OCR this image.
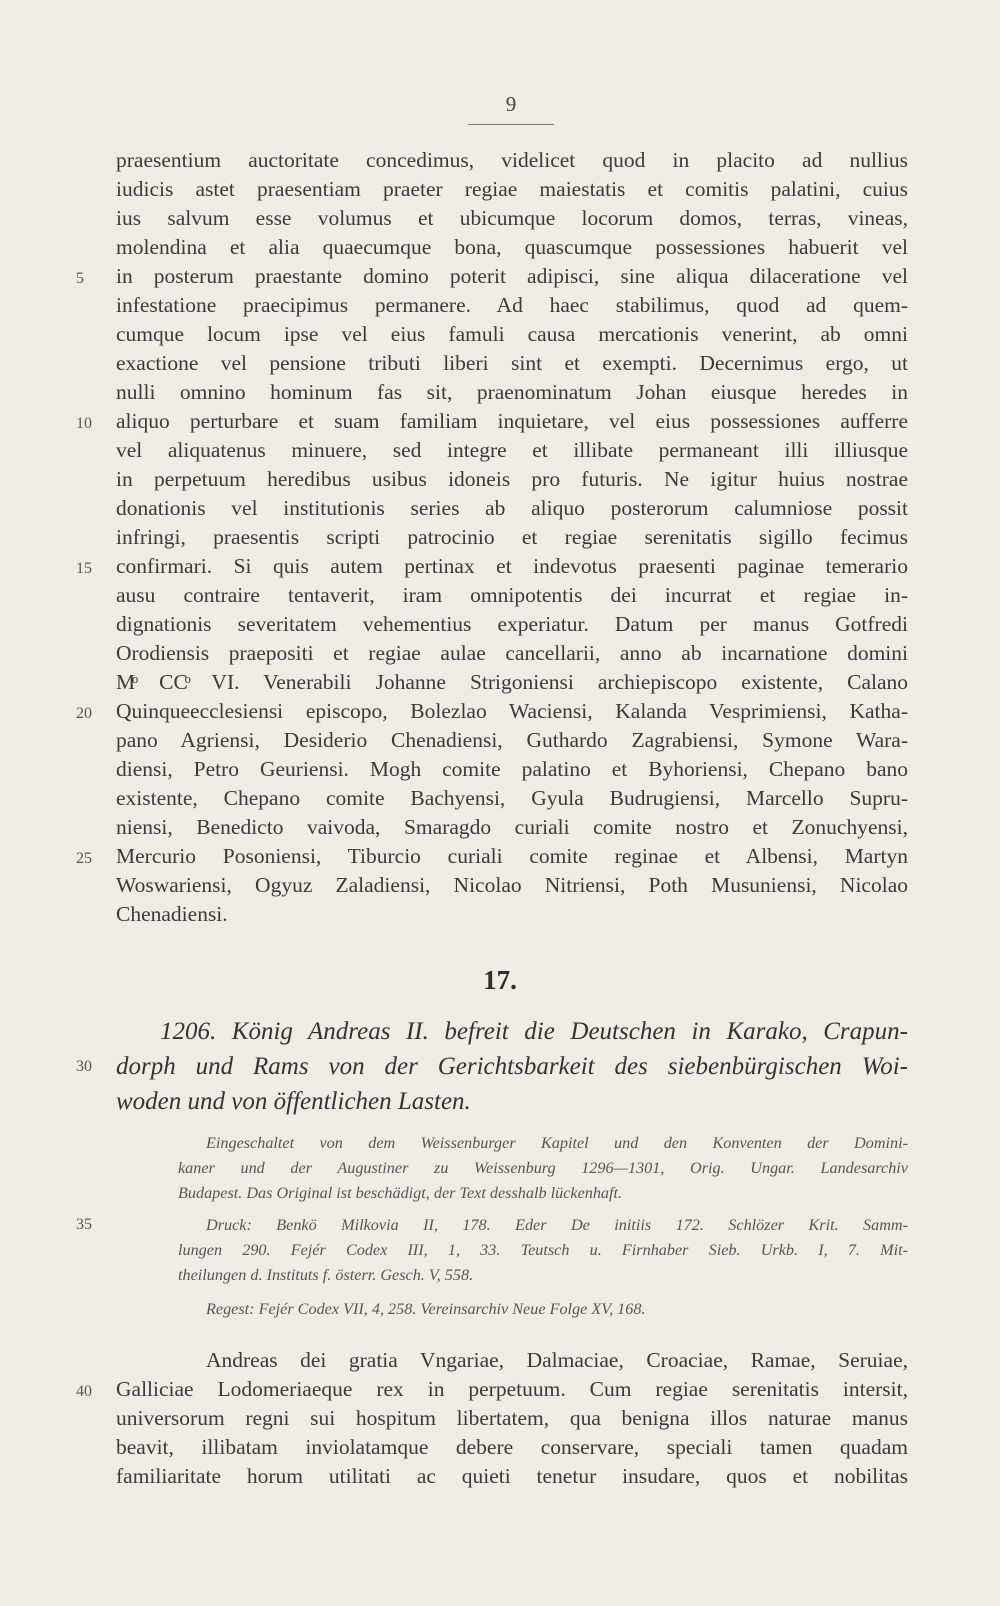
9
praesentium auctoritate concedimus, videlicet quod in placito ad nullius
iudicis astet praesentiam praeter regiae maiestatis et comitis palatini, cuius
ius salvum esse volumus et ubicumque locorum domos, terras, vineas,
molendina et alia quaecumque bona, quascumque possessiones habuerit vel
in posterum praestante domino poterit adipisci, sine aliqua dilaceratione vel
infestatione praecipimus permanere. Ad haec stabilimus, quod ad quem-
cumque locum ipse vel eius famuli causa mercationis venerint, ab omni
exactione vel pensione tributi liberi sint et exempti. Decernimus ergo, ut
nulli omnino hominum fas sit, praenominatum Johan eiusque heredes in
aliquo perturbare et suam familiam inquietare, vel eius possessiones aufferre
vel aliquatenus minuere, sed integre et illibate permaneant illi illiusque
in perpetuum heredibus usibus idoneis pro futuris. Ne igitur huius nostrae
donationis vel institutionis series ab aliquo posterorum calumniose possit
infringi, praesentis scripti patrocinio et regiae serenitatis sigillo fecimus
confirmari. Si quis autem pertinax et indevotus praesenti paginae temerario
ausu contraire tentaverit, iram omnipotentis dei incurrat et regiae in-
dignationis severitatem vehementius experiatur. Datum per manus Gotfredi
Orodiensis praepositi et regiae aulae cancellarii, anno ab incarnatione domini
Mͦ CCͦ VI. Venerabili Johanne Strigoniensi archiepiscopo existente, Calano
Quinqueecclesiensi episcopo, Bolezlao Waciensi, Kalanda Vesprimiensi, Katha-
pano Agriensi, Desiderio Chenadiensi, Guthardo Zagrabiensi, Symone Wara-
diensi, Petro Geuriensi. Mogh comite palatino et Byhoriensi, Chepano bano
existente, Chepano comite Bachyensi, Gyula Budrugiensi, Marcello Supru-
niensi, Benedicto vaivoda, Smaragdo curiali comite nostro et Zonuchyensi,
Mercurio Posoniensi, Tiburcio curiali comite reginae et Albensi, Martyn
Woswariensi, Ogyuz Zaladiensi, Nicolao Nitriensi, Poth Musuniensi, Nicolao
Chenadiensi.
5
10
15
20
25
17.
1206. König Andreas II. befreit die Deutschen in Karako, Crapun-
dorph und Rams von der Gerichtsbarkeit des siebenbürgischen Woi-
woden und von öffentlichen Lasten.
Eingeschaltet von dem Weissenburger Kapitel und den Konventen der Domini-
kaner und der Augustiner zu Weissenburg 1296—1301, Orig. Ungar. Landesarchiv
Budapest. Das Original ist beschädigt, der Text desshalb lückenhaft.
Druck: Benkö Milkovia II, 178. Eder De initiis 172. Schlözer Krit. Samm-
lungen 290. Fejér Codex III, 1, 33. Teutsch u. Firnhaber Sieb. Urkb. I, 7. Mit-
theilungen d. Instituts f. österr. Gesch. V, 558.
Regest: Fejér Codex VII, 4, 258. Vereinsarchiv Neue Folge XV, 168.
Andreas dei gratia Vngariae, Dalmaciae, Croaciae, Ramae, Seruiae,
Galliciae Lodomeriaeque rex in perpetuum. Cum regiae serenitatis intersit,
universorum regni sui hospitum libertatem, qua benigna illos naturae manus
beavit, illibatam inviolatamque debere conservare, speciali tamen quadam
familiaritate horum utilitati ac quieti tenetur insudare, quos et nobilitas
30
35
40
